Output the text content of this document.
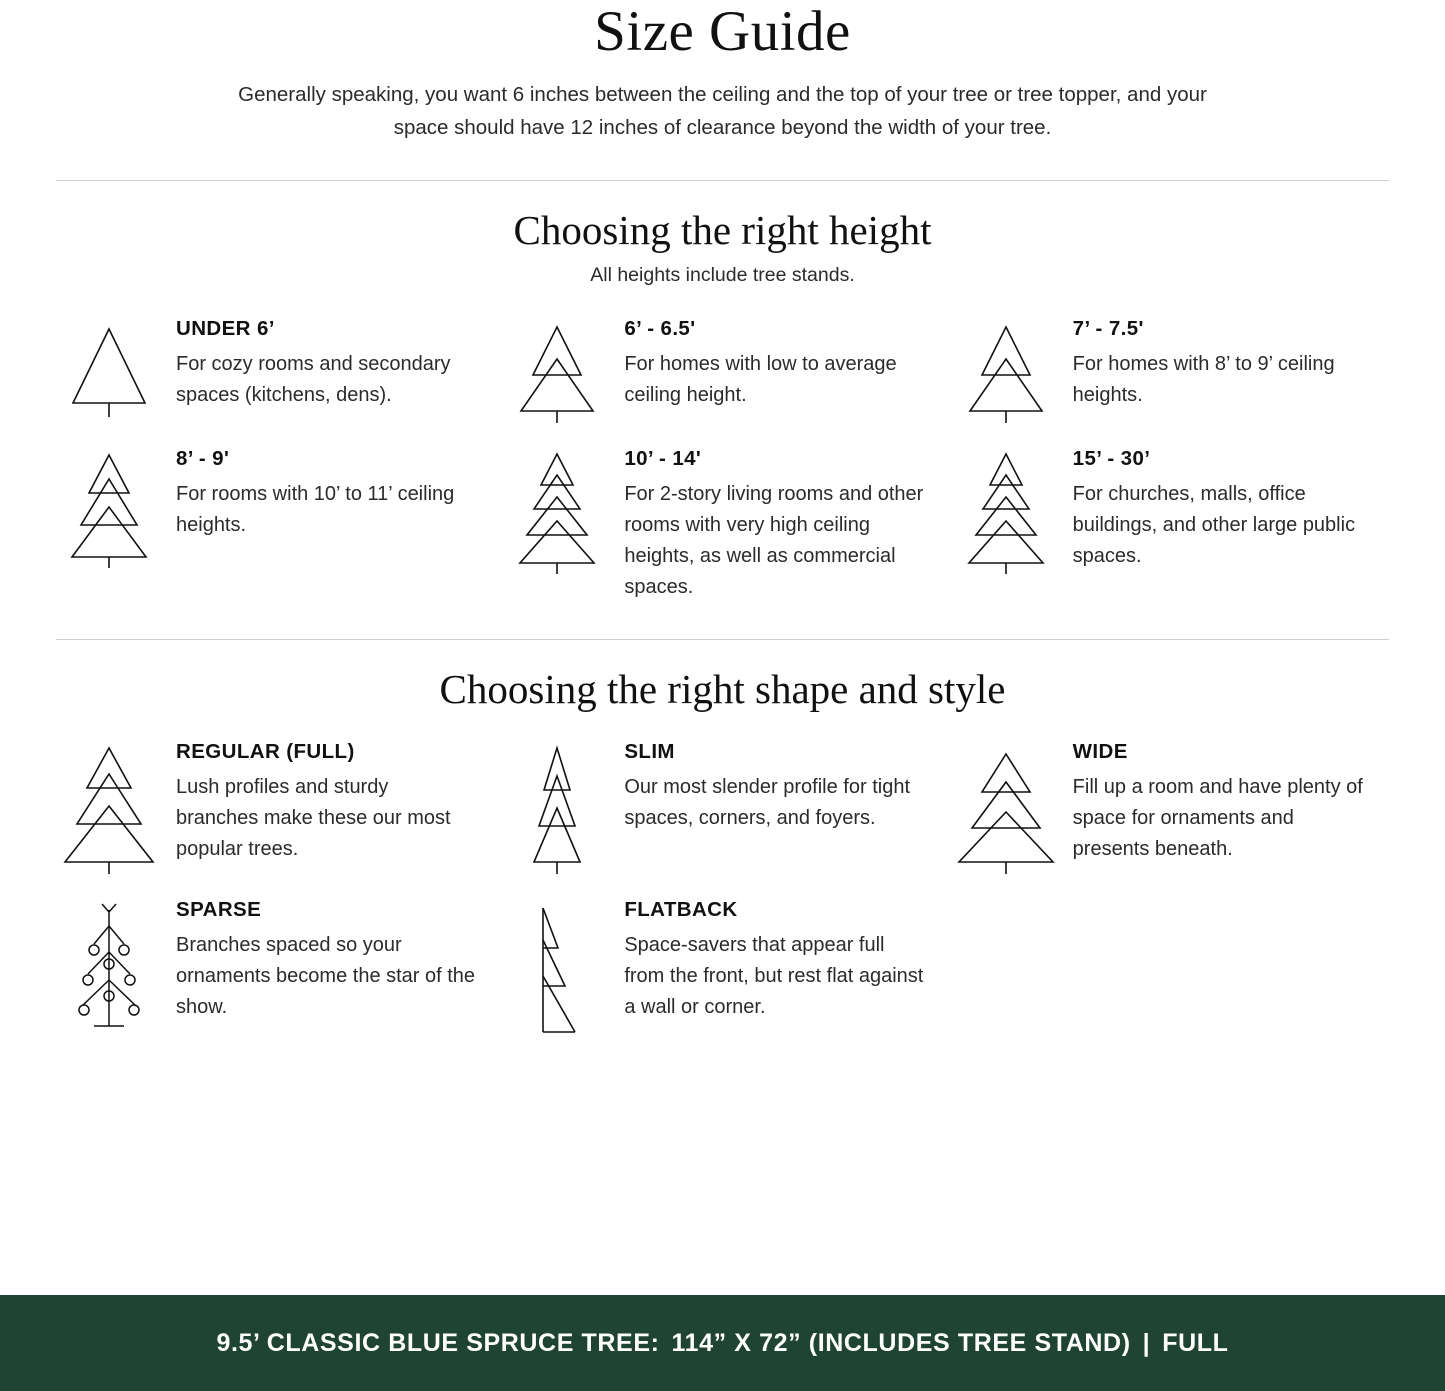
Size Guide

Generally speaking, you want 6 inches between the ceiling and the top of your tree or tree topper, and your space should have 12 inches of clearance beyond the width of your tree.

Choosing the right height

All heights include tree stands.

UNDER 6’

For cozy rooms and secondary spaces (kitchens, dens).

6’ - 6.5'

For homes with low to average ceiling height.

7’ - 7.5'

For homes with 8’ to 9’ ceiling heights.

8’ - 9'

For rooms with 10’ to 11’ ceiling heights.

10’ - 14'

For 2-story living rooms and other rooms with very high ceiling heights, as well as commercial spaces.

15’ - 30’

For churches, malls, office buildings, and other large public spaces.

Choosing the right shape and style

REGULAR (FULL)

Lush profiles and sturdy branches make these our most popular trees.

SLIM

Our most slender profile for tight spaces, corners, and foyers.

WIDE

Fill up a room and have plenty of space for ornaments and presents beneath.

SPARSE

Branches spaced so your ornaments become the star of the show.

FLATBACK

Space-savers that appear full from the front, but rest flat against a wall or corner.

9.5’ CLASSIC BLUE SPRUCE TREE: 114” X 72” (INCLUDES TREE STAND) | FULL
